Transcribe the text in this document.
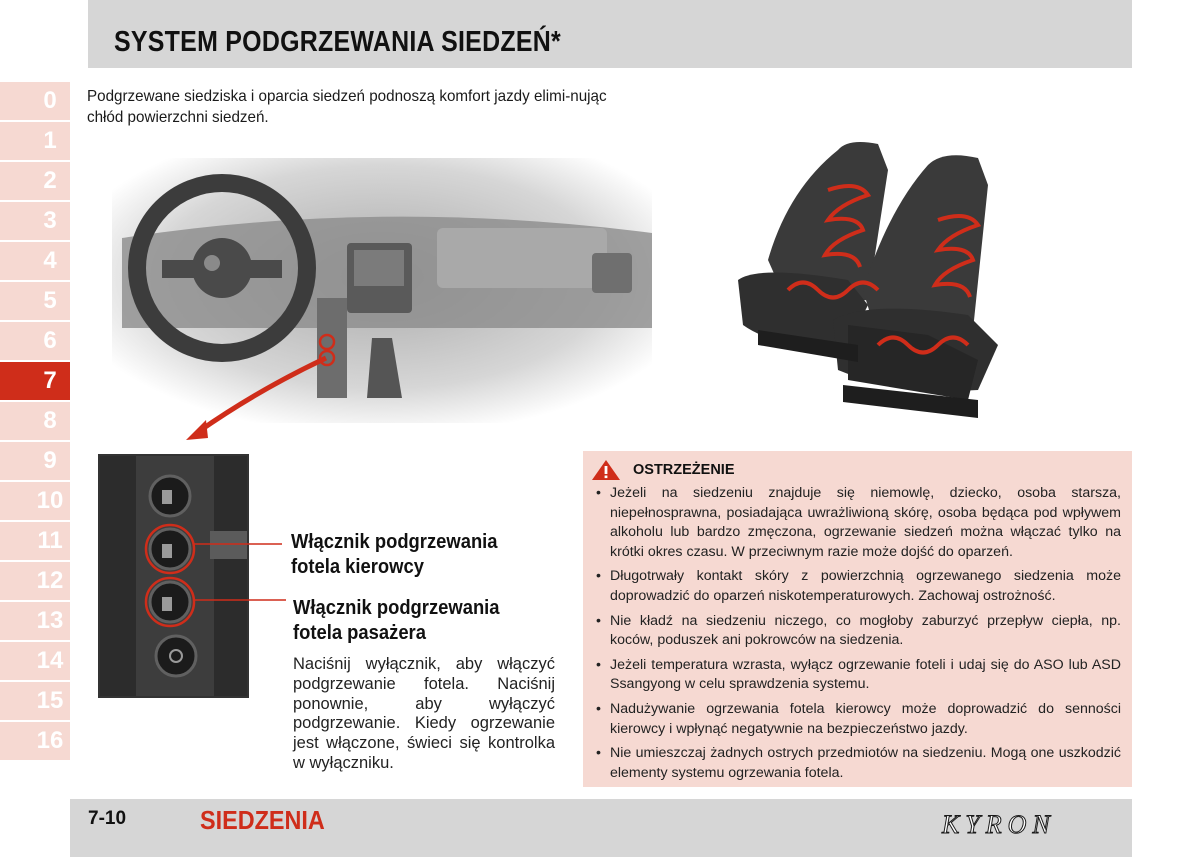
SYSTEM PODGRZEWANIA SIEDZEŃ*
0
1
2
3
4
5
6
7
8
9
10
11
12
13
14
15
16

Podgrzewane siedziska i oparcia siedzeń podnoszą komfort jazdy elimi-nując chłód powierzchni siedzeń.

Włącznik podgrzewania fotela kierowcy
Włącznik podgrzewania fotela pasażera

Naciśnij wyłącznik, aby włączyć podgrzewanie fotela. Naciśnij ponownie, aby wyłączyć podgrzewanie. Kiedy ogrzewanie jest włączone, świeci się kontrolka w wyłączniku.

OSTRZEŻENIE
• Jeżeli na siedzeniu znajduje się niemowlę, dziecko, osoba starsza, niepełnosprawna, posiadająca uwrażliwioną skórę, osoba będąca pod wpływem alkoholu lub bardzo zmęczona, ogrzewanie siedzeń można włączać tylko na krótki okres czasu. W przeciwnym razie może dojść do oparzeń.
• Długotrwały kontakt skóry z powierzchnią ogrzewanego siedzenia może doprowadzić do oparzeń niskotemperaturowych. Zachowaj ostrożność.
• Nie kładź na siedzeniu niczego, co mogłoby zaburzyć przepływ ciepła, np. koców, poduszek ani pokrowców na siedzenia.
• Jeżeli temperatura wzrasta, wyłącz ogrzewanie foteli i udaj się do ASO lub ASD Ssangyong w celu sprawdzenia systemu.
• Nadużywanie ogrzewania fotela kierowcy może doprowadzić do senności kierowcy i wpłynąć negatywnie na bezpieczeństwo jazdy.
• Nie umieszczaj żadnych ostrych przedmiotów na siedzeniu. Mogą one uszkodzić elementy systemu ogrzewania fotela.
7-10	SIEDZENIA	KYRON
